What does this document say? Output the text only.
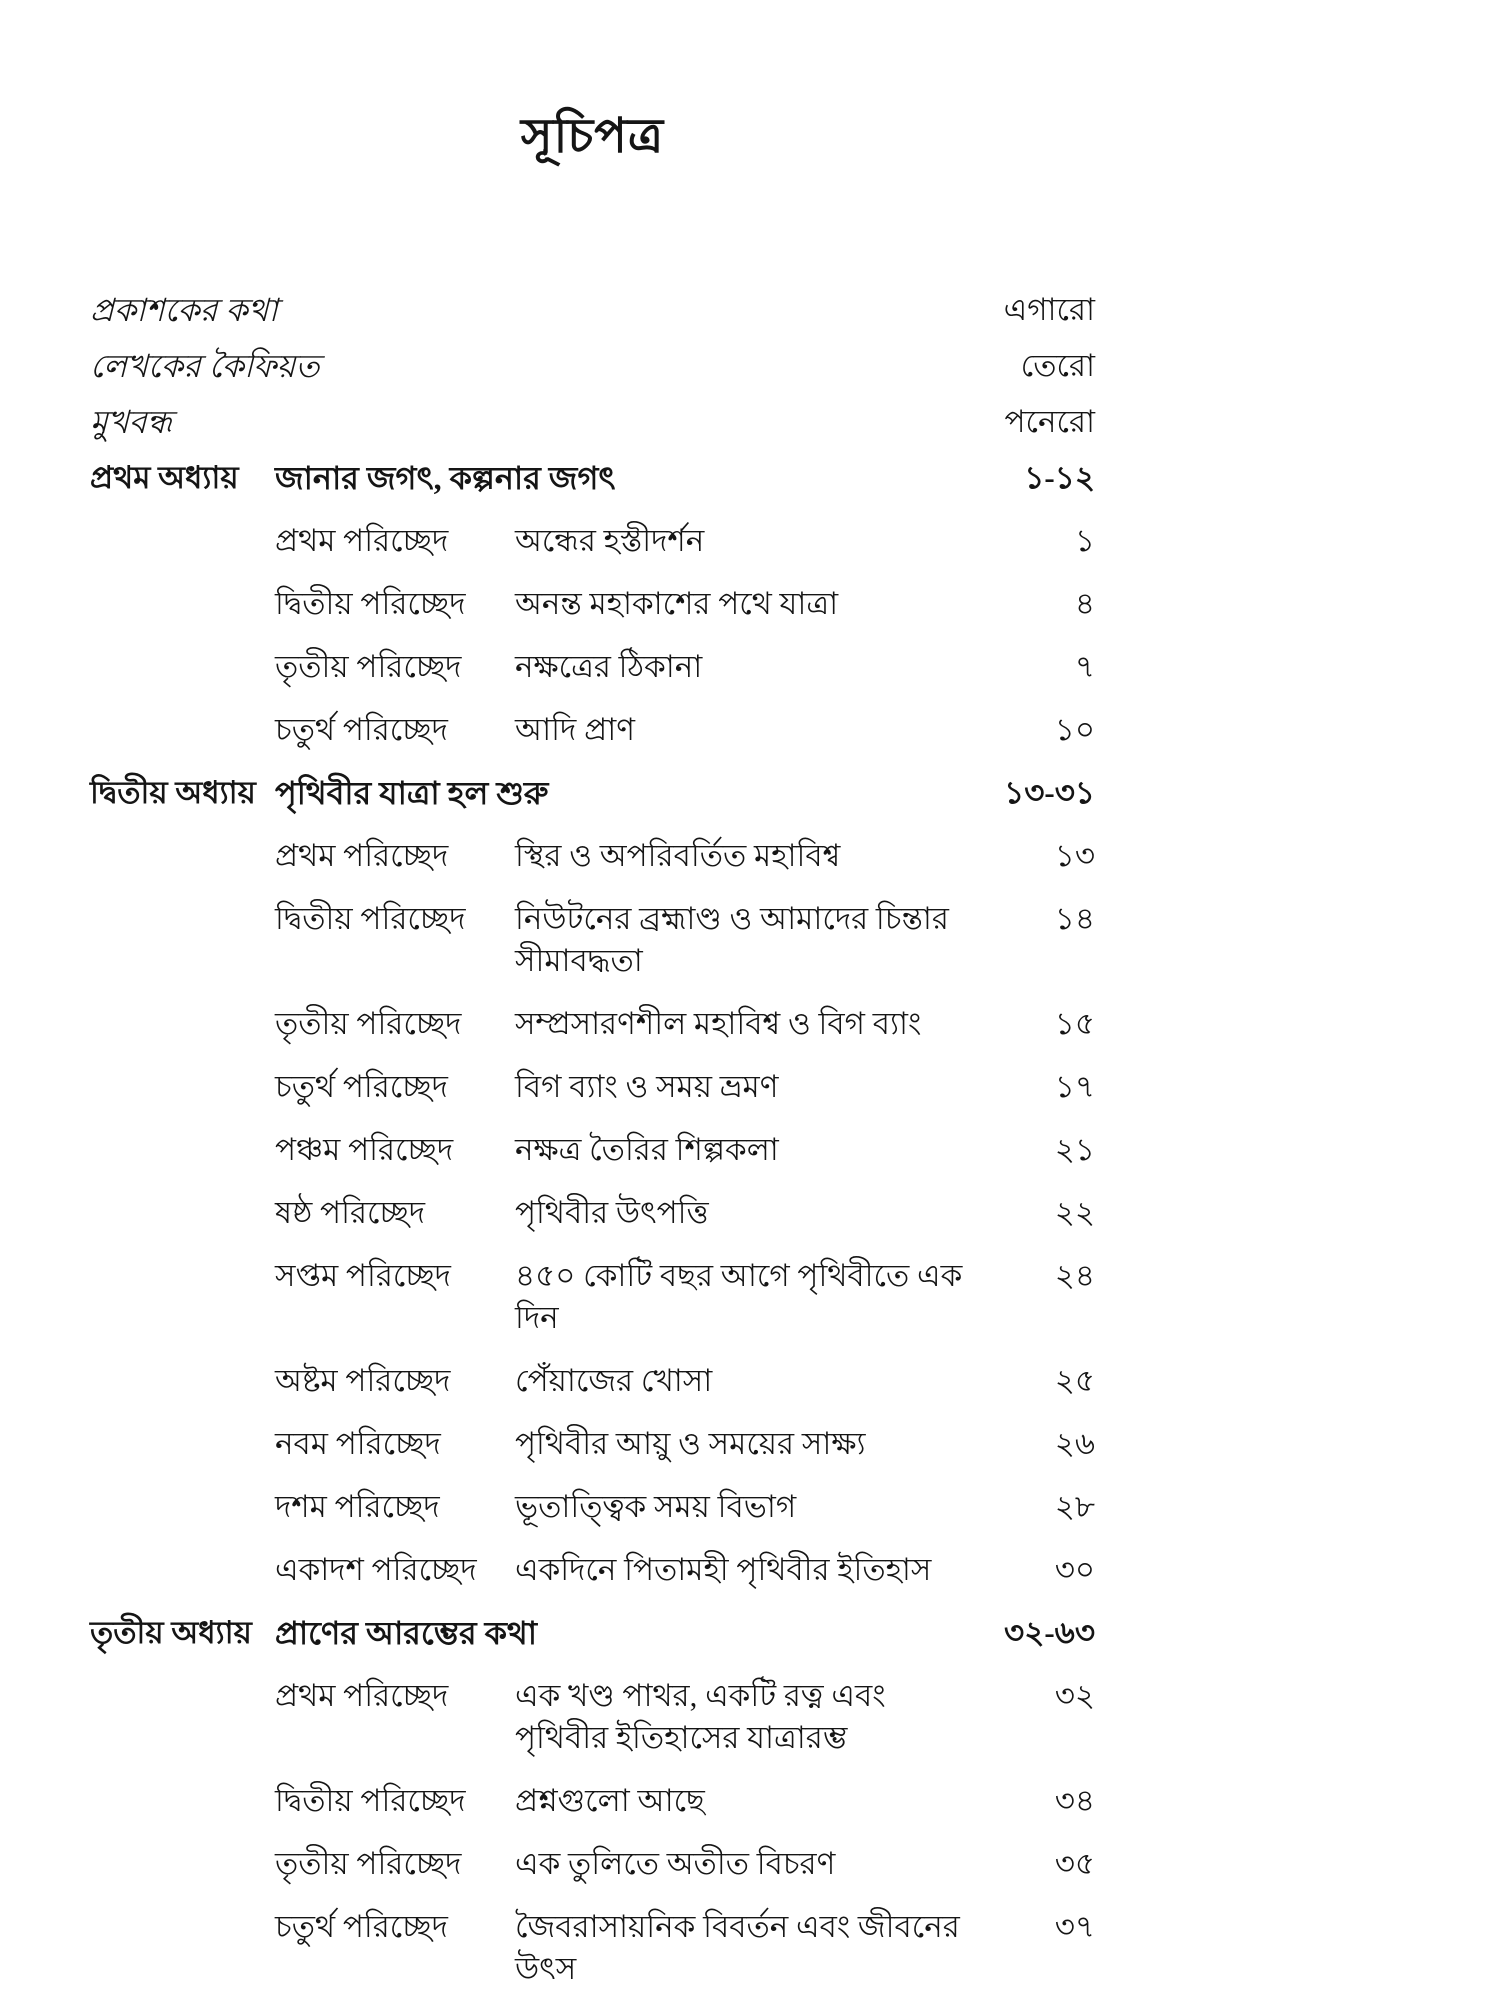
সূচিপত্র
প্রকাশকের কথা	এগারো
লেখকের কৈফিয়ত	তেরো
মুখবন্ধ	পনেরো
প্রথম অধ্যায়	জানার জগৎ, কল্পনার জগৎ	১-১২
প্রথম পরিচ্ছেদ	অন্ধের হস্তীদর্শন	১
দ্বিতীয় পরিচ্ছেদ	অনন্ত মহাকাশের পথে যাত্রা	৪
তৃতীয় পরিচ্ছেদ	নক্ষত্রের ঠিকানা	৭
চতুর্থ পরিচ্ছেদ	আদি প্রাণ	১০
দ্বিতীয় অধ্যায় পৃথিবীর যাত্রা হল শুরু	১৩-৩১
প্রথম পরিচ্ছেদ	স্থির ও অপরিবর্তিত মহাবিশ্ব	১৩
দ্বিতীয় পরিচ্ছেদ	নিউটনের ব্রহ্মাণ্ড ও আমাদের চিন্তার সীমাবদ্ধতা
১৪
তৃতীয় পরিচ্ছেদ	সম্প্রসারণশীল মহাবিশ্ব ও বিগ ব্যাং	১৫
চতুর্থ পরিচ্ছেদ	বিগ ব্যাং ও সময় ভ্রমণ	১৭
পঞ্চম পরিচ্ছেদ	নক্ষত্র তৈরির শিল্পকলা	২১
ষষ্ঠ পরিচ্ছেদ	পৃথিবীর উৎপত্তি	২২
সপ্তম পরিচ্ছেদ	৪৫০ কোটি বছর আগে পৃথিবীতে এক দিন
২৪
অষ্টম পরিচ্ছেদ	পেঁয়াজের খোসা	২৫
নবম পরিচ্ছেদ	পৃথিবীর আয়ু ও সময়ের সাক্ষ্য	২৬
দশম পরিচ্ছেদ	ভূতাত্ত্বিক সময় বিভাগ	২৮
একাদশ পরিচ্ছেদ	একদিনে পিতামহী পৃথিবীর ইতিহাস	৩০
তৃতীয় অধ্যায় প্রাণের আরম্ভের কথা	৩২-৬৩
প্রথম পরিচ্ছেদ	এক খণ্ড পাথর, একটি রত্ন এবং
পৃথিবীর ইতিহাসের যাত্রারম্ভ
৩২
দ্বিতীয় পরিচ্ছেদ	প্রশ্নগুলো আছে	৩৪
তৃতীয় পরিচ্ছেদ	এক তুলিতে অতীত বিচরণ	৩৫
চতুর্থ পরিচ্ছেদ	জৈবরাসায়নিক বিবর্তন এবং জীবনের উৎস
৩৭
